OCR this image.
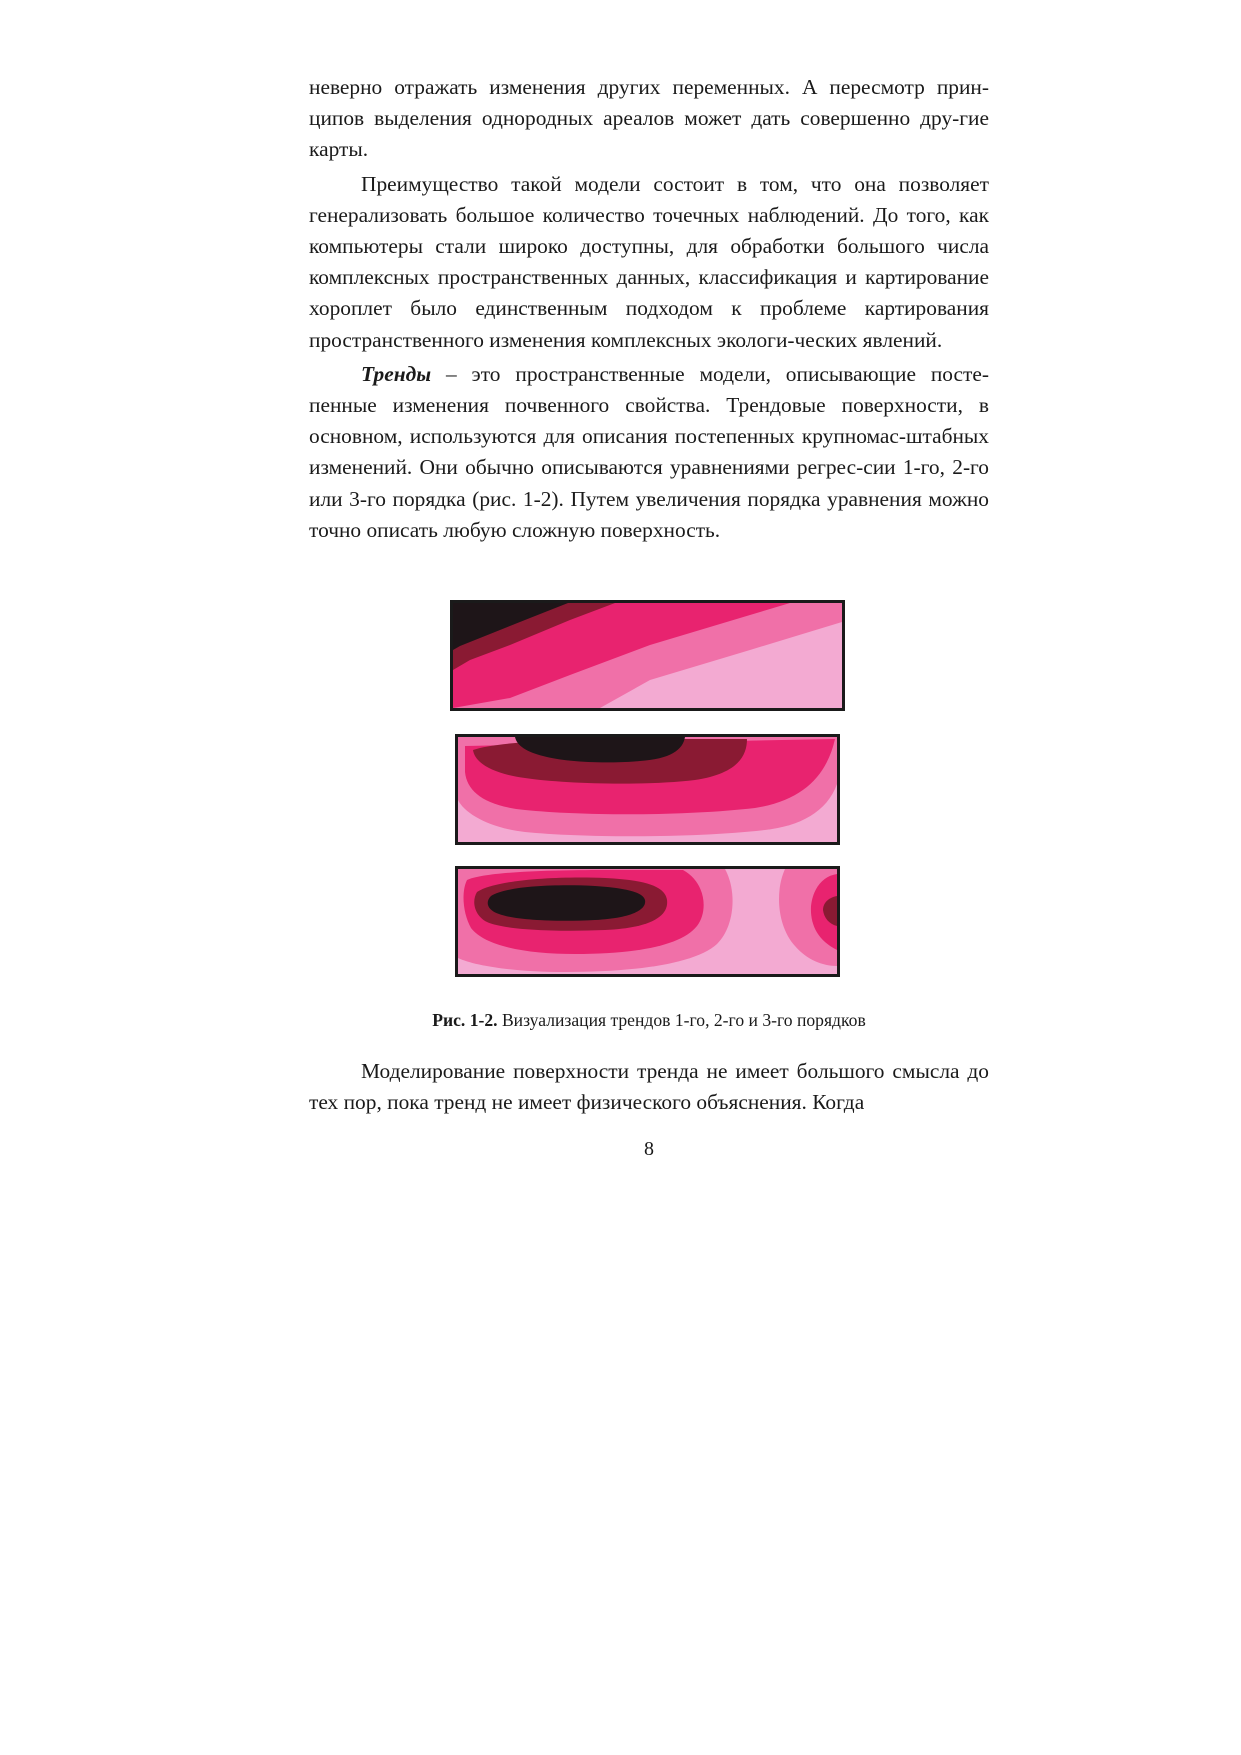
неверно отражать изменения других переменных. А пересмотр прин-ципов выделения однородных ареалов может дать совершенно дру-гие карты.

Преимущество такой модели состоит в том, что она позволяет генерализовать большое количество точечных наблюдений. До того, как компьютеры стали широко доступны, для обработки большого числа комплексных пространственных данных, классификация и картирование хороплет было единственным подходом к проблеме картирования пространственного изменения комплексных экологи-ческих явлений.

Тренды – это пространственные модели, описывающие посте-пенные изменения почвенного свойства. Трендовые поверхности, в основном, используются для описания постепенных крупномас-штабных изменений. Они обычно описываются уравнениями регрес-сии 1-го, 2-го или 3-го порядка (рис. 1-2). Путем увеличения порядка уравнения можно точно описать любую сложную поверхность.

Рис. 1-2. Визуализация трендов 1-го, 2-го и 3-го порядков

Моделирование поверхности тренда не имеет большого смысла до тех пор, пока тренд не имеет физического объяснения. Когда

8
